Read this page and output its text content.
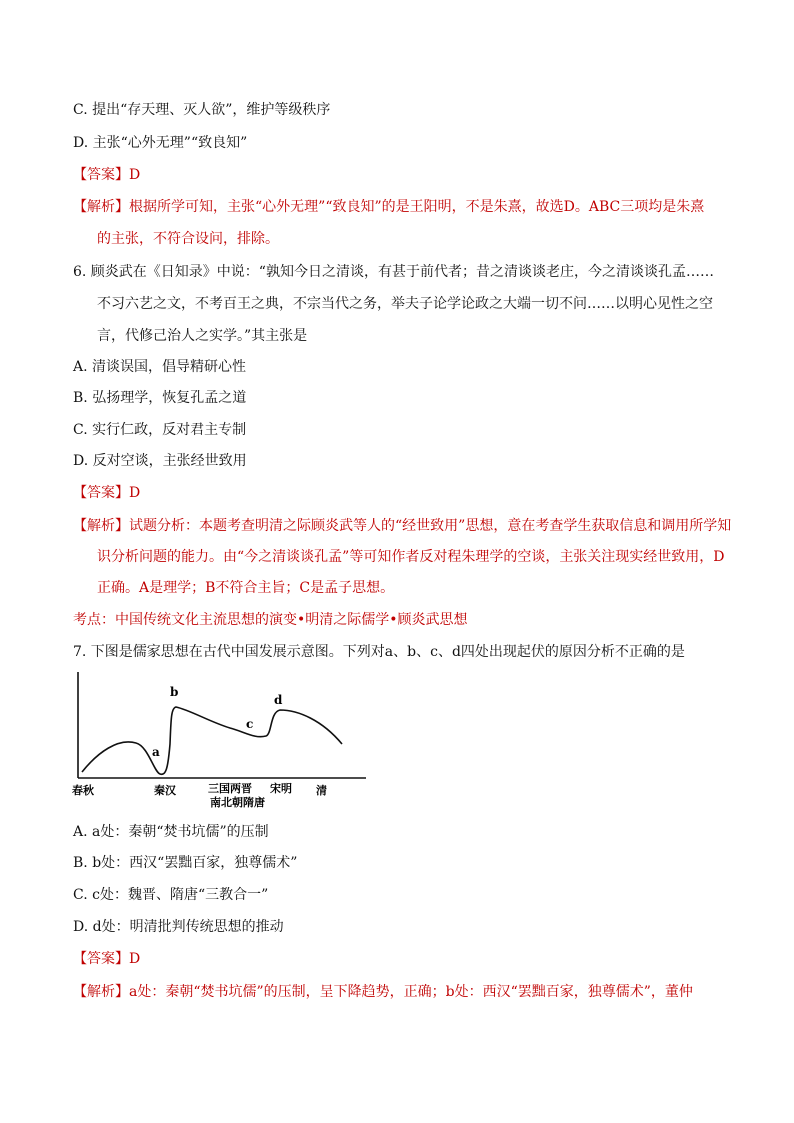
C. 提出“存天理、灭人欲”，维护等级秩序
D. 主张“心外无理”“致良知”
【答案】D
【解析】根据所学可知，主张“心外无理”“致良知”的是王阳明，不是朱熹，故选D。ABC三项均是朱熹
的主张，不符合设问，排除。
6. 顾炎武在《日知录》中说：“孰知今日之清谈，有甚于前代者；昔之清谈谈老庄，今之清谈谈孔孟……
不习六艺之文，不考百王之典，不宗当代之务，举夫子论学论政之大端一切不问……以明心见性之空
言，代修己治人之实学。”其主张是
A. 清谈误国，倡导精研心性
B. 弘扬理学，恢复孔孟之道
C. 实行仁政，反对君主专制
D. 反对空谈，主张经世致用
【答案】D
【解析】试题分析：本题考查明清之际顾炎武等人的“经世致用”思想，意在考查学生获取信息和调用所学知
识分析问题的能力。由“今之清谈谈孔孟”等可知作者反对程朱理学的空谈，主张关注现实经世致用，D
正确。A是理学；B不符合主旨；C是孟子思想。
考点：中国传统文化主流思想的演变•明清之际儒学•顾炎武思想
7. 下图是儒家思想在古代中国发展示意图。下列对a、b、c、d四处出现起伏的原因分析不正确的是
a
b
c
d
春秋	秦汉	三国两晋
南北朝隋唐
宋明 清
A. a处：秦朝“焚书坑儒”的压制
B. b处：西汉“罢黜百家，独尊儒术”
C. c处：魏晋、隋唐“三教合一”
D. d处：明清批判传统思想的推动
【答案】D
【解析】a处：秦朝“焚书坑儒”的压制，呈下降趋势，正确；b处：西汉“罢黜百家，独尊儒术”，董仲
